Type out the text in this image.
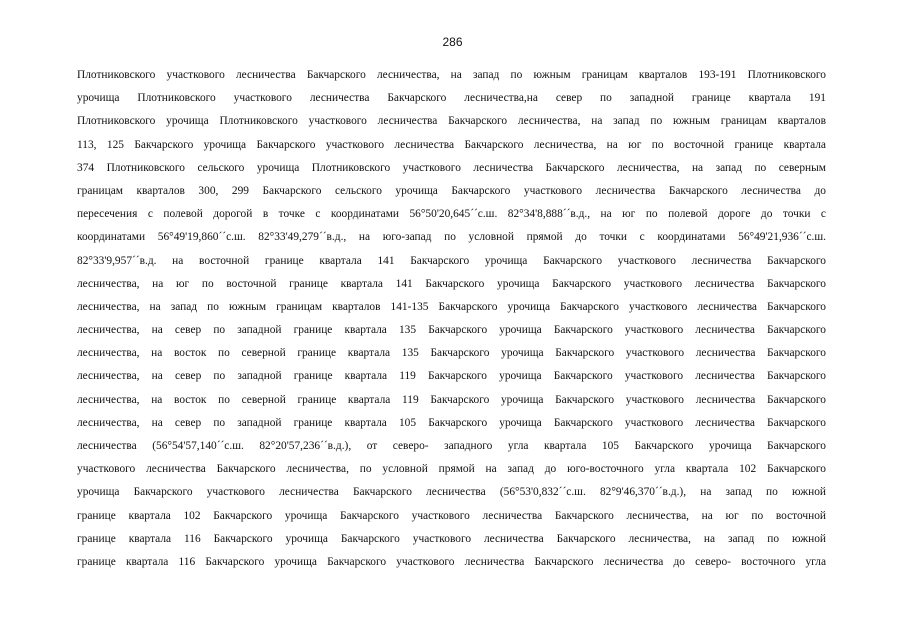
286
Плотниковского участкового лесничества Бакчарского лесничества, на запад по южным границам кварталов 193-191 Плотниковского
урочища Плотниковского участкового лесничества Бакчарского лесничества,на север по западной границе квартала 191
Плотниковского урочища Плотниковского участкового лесничества Бакчарского лесничества, на запад по южным границам кварталов
113, 125 Бакчарского урочища Бакчарского участкового лесничества Бакчарского лесничества, на юг по восточной границе квартала
374 Плотниковского сельского урочища Плотниковского участкового лесничества Бакчарского лесничества, на запад по северным
границам кварталов 300, 299 Бакчарского сельского урочища Бакчарского участкового лесничества Бакчарского лесничества до
пересечения с полевой дорогой в точке с координатами 56°50'20,645´´с.ш. 82°34'8,888´´в.д., на юг по полевой дороге до точки с
координатами 56°49'19,860´´с.ш. 82°33'49,279´´в.д., на юго-запад по условной прямой до точки с координатами 56°49'21,936´´с.ш.
82°33'9,957´´в.д. на восточной границе квартала 141 Бакчарского урочища Бакчарского участкового лесничества Бакчарского
лесничества, на юг по восточной границе квартала 141 Бакчарского урочища Бакчарского участкового лесничества Бакчарского
лесничества, на запад по южным границам кварталов 141-135 Бакчарского урочища Бакчарского участкового лесничества Бакчарского
лесничества, на север по западной границе квартала 135 Бакчарского урочища Бакчарского участкового лесничества Бакчарского
лесничества, на восток по северной границе квартала 135 Бакчарского урочища Бакчарского участкового лесничества Бакчарского
лесничества, на север по западной границе квартала 119 Бакчарского урочища Бакчарского участкового лесничества Бакчарского
лесничества, на восток по северной границе квартала 119 Бакчарского урочища Бакчарского участкового лесничества Бакчарского
лесничества, на север по западной границе квартала 105 Бакчарского урочища Бакчарского участкового лесничества Бакчарского
лесничества (56°54'57,140´´с.ш. 82°20'57,236´´в.д.), от северо- западного угла квартала 105 Бакчарского урочища Бакчарского
участкового лесничества Бакчарского лесничества, по условной прямой на запад до юго-восточного угла квартала 102 Бакчарского
урочища Бакчарского участкового лесничества Бакчарского лесничества (56°53'0,832´´с.ш. 82°9'46,370´´в.д.), на запад по южной
границе квартала 102 Бакчарского урочища Бакчарского участкового лесничества Бакчарского лесничества, на юг по восточной
границе квартала 116 Бакчарского урочища Бакчарского участкового лесничества Бакчарского лесничества, на запад по южной
границе квартала 116 Бакчарского урочища Бакчарского участкового лесничества Бакчарского лесничества до северо- восточного угла
